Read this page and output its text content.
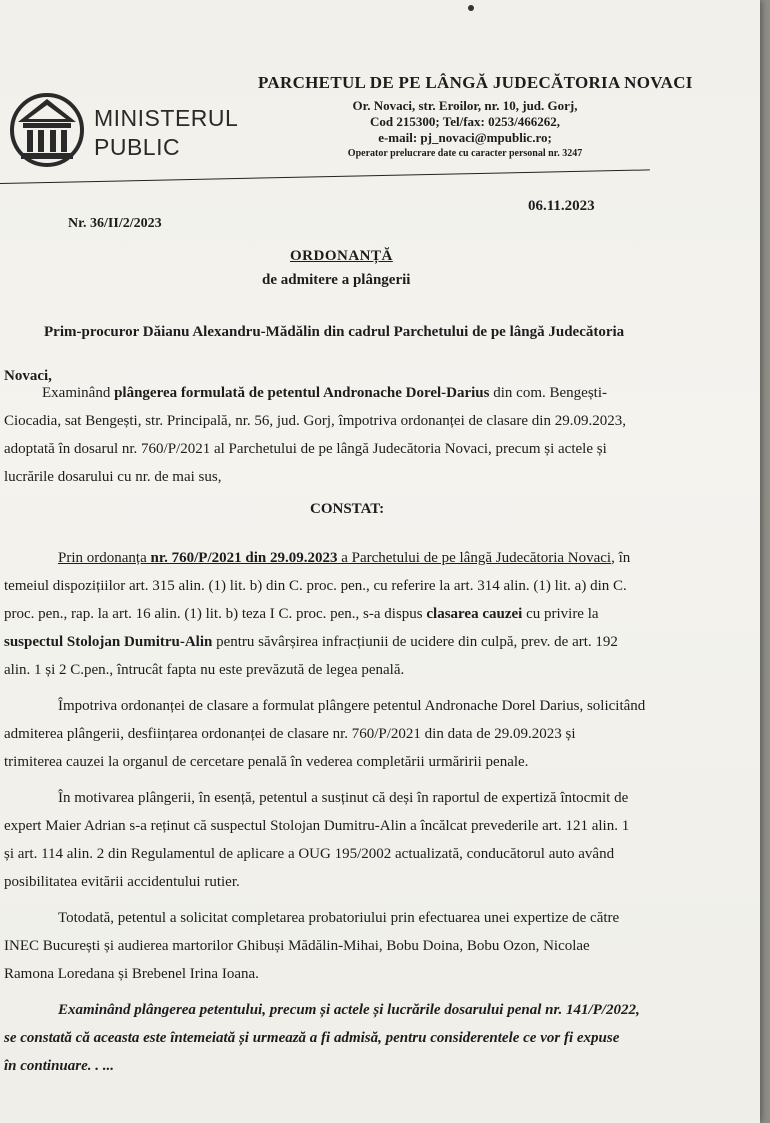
MINISTERUL
PUBLIC
PARCHETUL DE PE LÂNGĂ JUDECĂTORIA NOVACI
Or. Novaci, str. Eroilor, nr. 10, jud. Gorj,
Cod 215300; Tel/fax: 0253/466262,
e-mail: pj_novaci@mpublic.ro;
Operator prelucrare date cu caracter personal nr. 3247
06.11.2023
Nr. 36/II/2/2023
ORDONANȚĂ
de admitere a plângerii
Prim-procuror Dăianu Alexandru-Mădălin din cadrul Parchetului de pe lângă Judecătoria
Novaci,
Examinând plângerea formulată de petentul Andronache Dorel-Darius din com. Bengești-
Ciocadia, sat Bengești, str. Principală, nr. 56, jud. Gorj, împotriva ordonanței de clasare din 29.09.2023,
adoptată în dosarul nr. 760/P/2021 al Parchetului de pe lângă Judecătoria Novaci, precum și actele și
lucrările dosarului cu nr. de mai sus,
CONSTAT:
Prin ordonanța nr. 760/P/2021 din 29.09.2023 a Parchetului de pe lângă Judecătoria Novaci, în
temeiul dispozițiilor art. 315 alin. (1) lit. b) din C. proc. pen., cu referire la art. 314 alin. (1) lit. a) din C.
proc. pen., rap. la art. 16 alin. (1) lit. b) teza I C. proc. pen., s-a dispus clasarea cauzei cu privire la
suspectul Stolojan Dumitru-Alin pentru săvârșirea infracțiunii de ucidere din culpă, prev. de art. 192
alin. 1 și 2 C.pen., întrucât fapta nu este prevăzută de legea penală.
Împotriva ordonanței de clasare a formulat plângere petentul Andronache Dorel Darius, solicitând
admiterea plângerii, desființarea ordonanței de clasare nr. 760/P/2021 din data de 29.09.2023 și
trimiterea cauzei la organul de cercetare penală în vederea completării urmăririi penale.
În motivarea plângerii, în esență, petentul a susținut că deși în raportul de expertiză întocmit de
expert Maier Adrian s-a reținut că suspectul Stolojan Dumitru-Alin a încălcat prevederile art. 121 alin. 1
și art. 114 alin. 2 din Regulamentul de aplicare a OUG 195/2002 actualizată, conducătorul auto având
posibilitatea evitării accidentului rutier.
Totodată, petentul a solicitat completarea probatoriului prin efectuarea unei expertize de către
INEC București și audierea martorilor Ghibuși Mădălin-Mihai, Bobu Doina, Bobu Ozon, Nicolae
Ramona Loredana și Brebenel Irina Ioana.
Examinând plângerea petentului, precum și actele și lucrările dosarului penal nr. 141/P/2022,
se constată că aceasta este întemeiată și urmează a fi admisă, pentru considerentele ce vor fi expuse
în continuare. . ...
